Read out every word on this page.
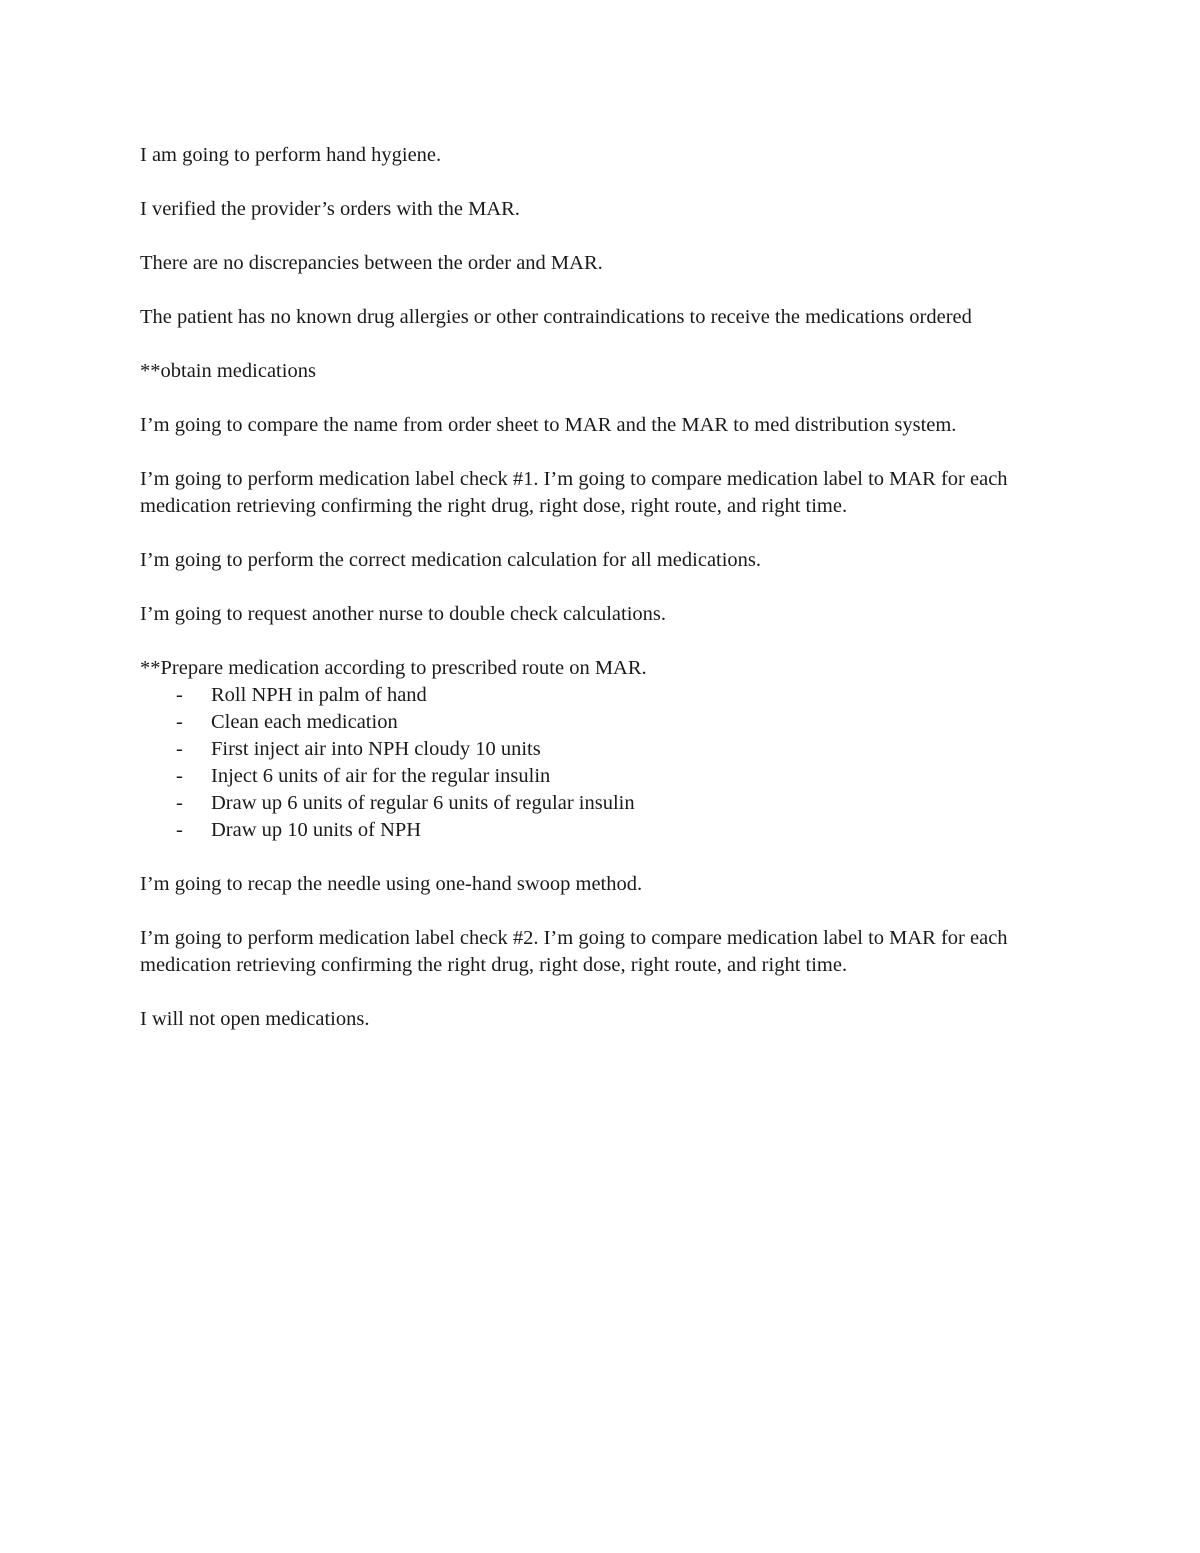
I am going to perform hand hygiene.

I verified the provider’s orders with the MAR.

There are no discrepancies between the order and MAR.

The patient has no known drug allergies or other contraindications to receive the medications ordered

**obtain medications

I’m going to compare the name from order sheet to MAR and the MAR to med distribution system.

I’m going to perform medication label check #1. I’m going to compare medication label to MAR for each medication retrieving confirming the right drug, right dose, right route, and right time.

I’m going to perform the correct medication calculation for all medications.

I’m going to request another nurse to double check calculations.

**Prepare medication according to prescribed route on MAR.
- Roll NPH in palm of hand
- Clean each medication
- First inject air into NPH cloudy 10 units
- Inject 6 units of air for the regular insulin
- Draw up 6 units of regular 6 units of regular insulin
- Draw up 10 units of NPH

I’m going to recap the needle using one-hand swoop method.

I’m going to perform medication label check #2. I’m going to compare medication label to MAR for each medication retrieving confirming the right drug, right dose, right route, and right time.

I will not open medications.
